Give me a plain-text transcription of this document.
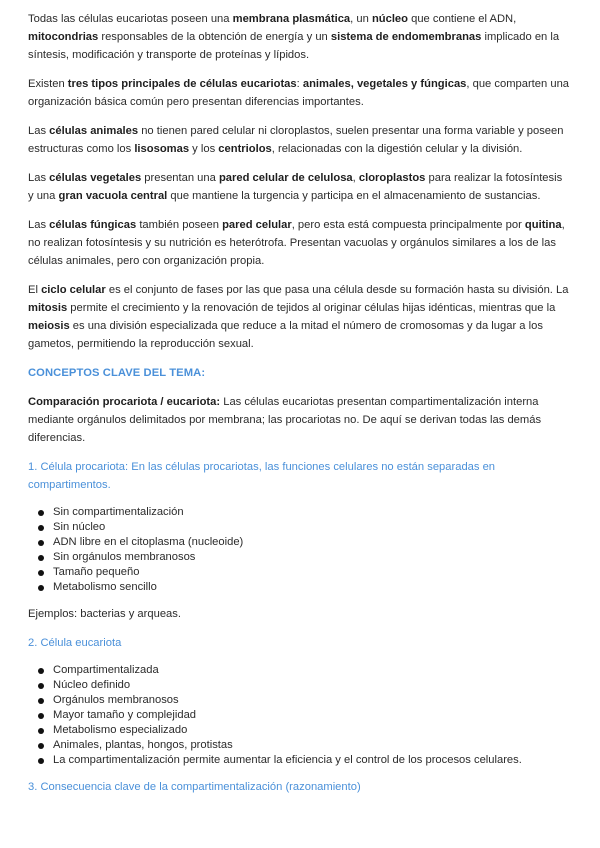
Todas las células eucariotas poseen una membrana plasmática, un núcleo que contiene el ADN, mitocondrias responsables de la obtención de energía y un sistema de endomembranas implicado en la síntesis, modificación y transporte de proteínas y lípidos.

Existen tres tipos principales de células eucariotas: animales, vegetales y fúngicas, que comparten una organización básica común pero presentan diferencias importantes.

Las células animales no tienen pared celular ni cloroplastos, suelen presentar una forma variable y poseen estructuras como los lisosomas y los centriolos, relacionadas con la digestión celular y la división.

Las células vegetales presentan una pared celular de celulosa, cloroplastos para realizar la fotosíntesis y una gran vacuola central que mantiene la turgencia y participa en el almacenamiento de sustancias.

Las células fúngicas también poseen pared celular, pero esta está compuesta principalmente por quitina, no realizan fotosíntesis y su nutrición es heterótrofa. Presentan vacuolas y orgánulos similares a los de las células animales, pero con organización propia.

El ciclo celular es el conjunto de fases por las que pasa una célula desde su formación hasta su división. La mitosis permite el crecimiento y la renovación de tejidos al originar células hijas idénticas, mientras que la meiosis es una división especializada que reduce a la mitad el número de cromosomas y da lugar a los gametos, permitiendo la reproducción sexual.

CONCEPTOS CLAVE DEL TEMA:

Comparación procariota / eucariota: Las células eucariotas presentan compartimentalización interna mediante orgánulos delimitados por membrana; las procariotas no. De aquí se derivan todas las demás diferencias.

1. Célula procariota: En las células procariotas, las funciones celulares no están separadas en compartimentos.

Sin compartimentalización
Sin núcleo
ADN libre en el citoplasma (nucleoide)
Sin orgánulos membranosos
Tamaño pequeño
Metabolismo sencillo

Ejemplos: bacterias y arqueas.

2. Célula eucariota

Compartimentalizada
Núcleo definido
Orgánulos membranosos
Mayor tamaño y complejidad
Metabolismo especializado
Animales, plantas, hongos, protistas
La compartimentalización permite aumentar la eficiencia y el control de los procesos celulares.

3. Consecuencia clave de la compartimentalización (razonamiento)
